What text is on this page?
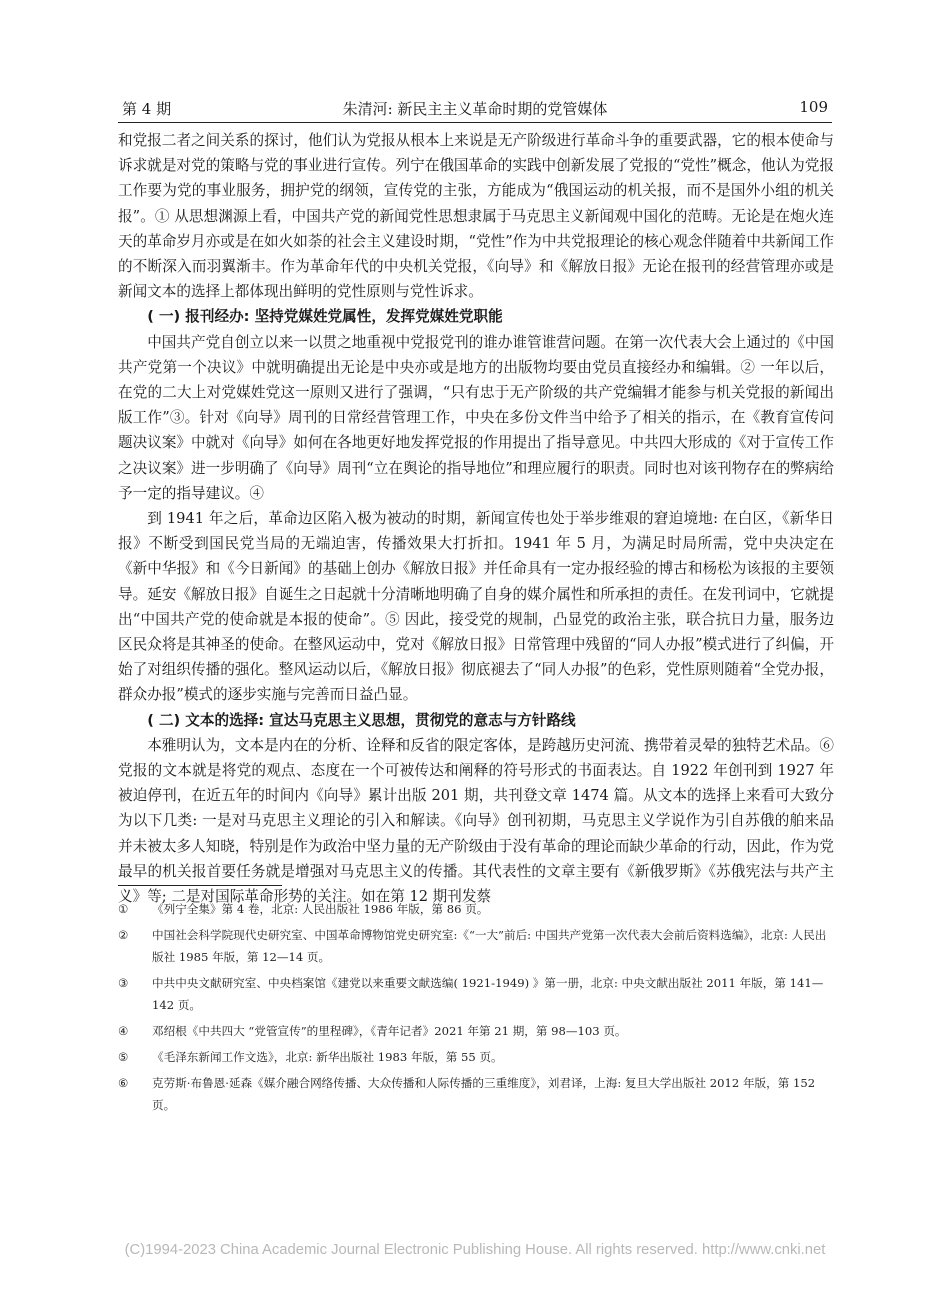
第 4 期	朱清河: 新民主主义革命时期的党管媒体	109

和党报二者之间关系的探讨，他们认为党报从根本上来说是无产阶级进行革命斗争的重要武器，它的根本使命与诉求就是对党的策略与党的事业进行宣传。列宁在俄国革命的实践中创新发展了党报的“党性”概念，他认为党报工作要为党的事业服务，拥护党的纲领，宣传党的主张，方能成为“俄国运动的机关报，而不是国外小组的机关报”。① 从思想渊源上看，中国共产党的新闻党性思想隶属于马克思主义新闻观中国化的范畴。无论是在炮火连天的革命岁月亦或是在如火如荼的社会主义建设时期，“党性”作为中共党报理论的核心观念伴随着中共新闻工作的不断深入而羽翼渐丰。作为革命年代的中央机关党报，《向导》和《解放日报》无论在报刊的经营管理亦或是新闻文本的选择上都体现出鲜明的党性原则与党性诉求。

( 一) 报刊经办: 坚持党媒姓党属性，发挥党媒姓党职能

中国共产党自创立以来一以贯之地重视中党报党刊的谁办谁管谁营问题。在第一次代表大会上通过的《中国共产党第一个决议》中就明确提出无论是中央亦或是地方的出版物均要由党员直接经办和编辑。② 一年以后，在党的二大上对党媒姓党这一原则又进行了强调，“只有忠于无产阶级的共产党编辑才能参与机关党报的新闻出版工作”③。针对《向导》周刊的日常经营管理工作，中央在多份文件当中给予了相关的指示，在《教育宣传问题决议案》中就对《向导》如何在各地更好地发挥党报的作用提出了指导意见。中共四大形成的《对于宣传工作之决议案》进一步明确了《向导》周刊“立在舆论的指导地位”和理应履行的职责。同时也对该刊物存在的弊病给予一定的指导建议。④

到 1941 年之后，革命边区陷入极为被动的时期，新闻宣传也处于举步维艰的窘迫境地: 在白区，《新华日报》不断受到国民党当局的无端迫害，传播效果大打折扣。1941 年 5 月，为满足时局所需，党中央决定在《新中华报》和《今日新闻》的基础上创办《解放日报》并任命具有一定办报经验的博古和杨松为该报的主要领导。延安《解放日报》自诞生之日起就十分清晰地明确了自身的媒介属性和所承担的责任。在发刊词中，它就提出“中国共产党的使命就是本报的使命”。⑤ 因此，接受党的规制，凸显党的政治主张，联合抗日力量，服务边区民众将是其神圣的使命。在整风运动中，党对《解放日报》日常管理中残留的“同人办报”模式进行了纠偏，开始了对组织传播的强化。整风运动以后，《解放日报》彻底褪去了“同人办报”的色彩，党性原则随着“全党办报，群众办报”模式的逐步实施与完善而日益凸显。

( 二) 文本的选择: 宣达马克思主义思想，贯彻党的意志与方针路线

本雅明认为，文本是内在的分析、诠释和反省的限定客体，是跨越历史河流、携带着灵晕的独特艺术品。⑥ 党报的文本就是将党的观点、态度在一个可被传达和阐释的符号形式的书面表达。自 1922 年创刊到 1927 年被迫停刊，在近五年的时间内《向导》累计出版 201 期，共刊登文章 1474 篇。从文本的选择上来看可大致分为以下几类: 一是对马克思主义理论的引入和解读。《向导》创刊初期，马克思主义学说作为引自苏俄的舶来品并未被太多人知晓，特别是作为政治中坚力量的无产阶级由于没有革命的理论而缺少革命的行动，因此，作为党最早的机关报首要任务就是增强对马克思主义的传播。其代表性的文章主要有《新俄罗斯》《苏俄宪法与共产主义》等; 二是对国际革命形势的关注。如在第 12 期刊发蔡

①	《列宁全集》第 4 卷，北京: 人民出版社 1986 年版，第 86 页。
②	中国社会科学院现代史研究室、中国革命博物馆党史研究室:《“一大”前后: 中国共产党第一次代表大会前后资料选编》，北京: 人民出版社 1985 年版，第 12—14 页。
③	中共中央文献研究室、中央档案馆《建党以来重要文献选编( 1921-1949) 》第一册，北京: 中央文献出版社 2011 年版，第 141—142 页。
④	邓绍根《中共四大 “党管宣传”的里程碑》，《青年记者》2021 年第 21 期，第 98—103 页。
⑤	《毛泽东新闻工作文选》，北京: 新华出版社 1983 年版，第 55 页。
⑥	克劳斯·布鲁恩·延森《媒介融合网络传播、大众传播和人际传播的三重维度》，刘君译，上海: 复旦大学出版社 2012 年版，第 152 页。
(C)1994-2023 China Academic Journal Electronic Publishing House. All rights reserved. http://www.cnki.net
